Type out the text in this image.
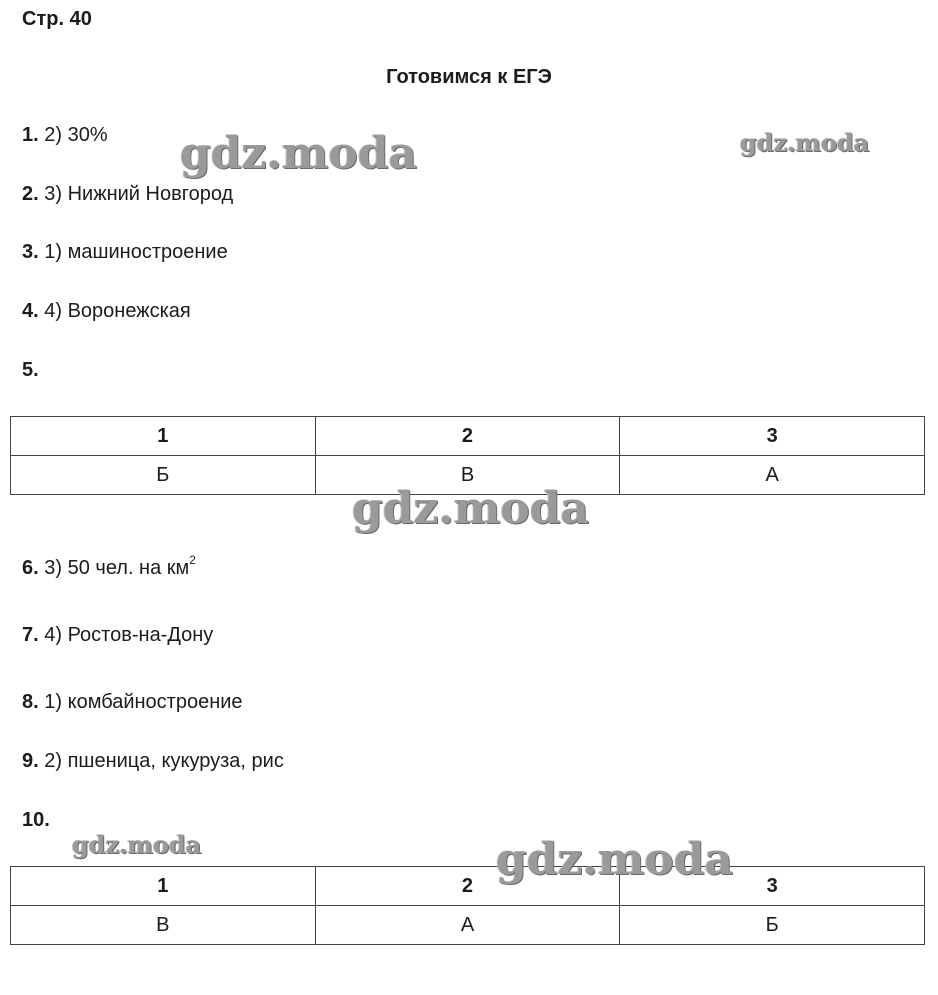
Стр. 40
Готовимся к ЕГЭ
1. 2) 30%
2. 3) Нижний Новгород
3. 1) машиностроение
4. 4) Воронежская
5.
1	2	3
Б	В	А
6. 3) 50 чел. на $км^2$
7. 4) Ростов-на-Дону
8. 1) комбайностроение
9. 2) пшеница, кукуруза, рис
10.
1	2	3
В	А	Б
gdz.moda	gdz.moda
gdz.moda
gdz.moda	gdz.moda
